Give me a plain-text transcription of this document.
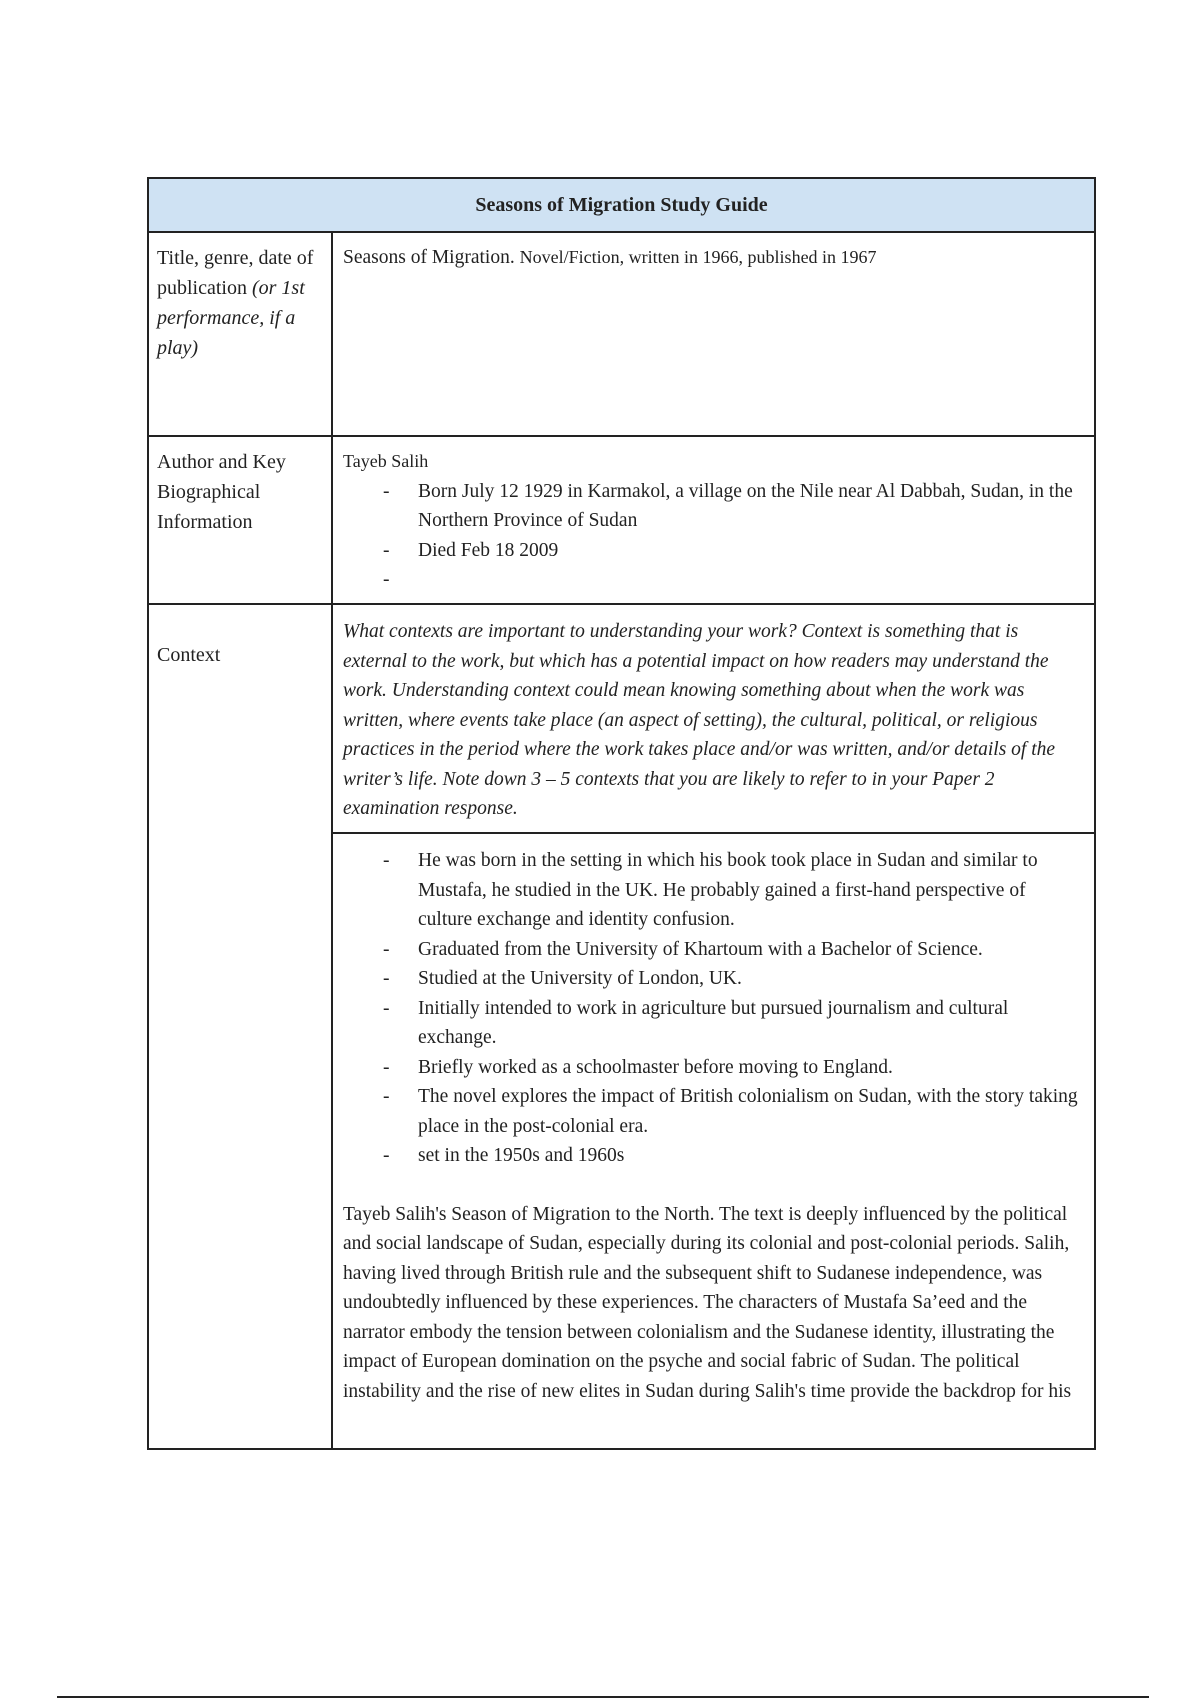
Seasons of Migration Study Guide
Title, genre, date of publication (or 1st performance, if a play)
Seasons of Migration. Novel/Fiction, written in 1966, published in 1967
Author and Key Biographical Information
Tayeb Salih
- Born July 12 1929 in Karmakol, a village on the Nile near Al Dabbah, Sudan, in the Northern Province of Sudan
- Died Feb 18 2009
-
Context
What contexts are important to understanding your work? Context is something that is external to the work, but which has a potential impact on how readers may understand the work. Understanding context could mean knowing something about when the work was written, where events take place (an aspect of setting), the cultural, political, or religious practices in the period where the work takes place and/or was written, and/or details of the writer’s life. Note down 3 – 5 contexts that you are likely to refer to in your Paper 2 examination response.
- He was born in the setting in which his book took place in Sudan and similar to Mustafa, he studied in the UK. He probably gained a first-hand perspective of culture exchange and identity confusion.
- Graduated from the University of Khartoum with a Bachelor of Science.
- Studied at the University of London, UK.
- Initially intended to work in agriculture but pursued journalism and cultural exchange.
- Briefly worked as a schoolmaster before moving to England.
- The novel explores the impact of British colonialism on Sudan, with the story taking place in the post-colonial era.
- set in the 1950s and 1960s

Tayeb Salih's Season of Migration to the North. The text is deeply influenced by the political and social landscape of Sudan, especially during its colonial and post-colonial periods. Salih, having lived through British rule and the subsequent shift to Sudanese independence, was undoubtedly influenced by these experiences. The characters of Mustafa Sa’eed and the narrator embody the tension between colonialism and the Sudanese identity, illustrating the impact of European domination on the psyche and social fabric of Sudan. The political instability and the rise of new elites in Sudan during Salih's time provide the backdrop for his
